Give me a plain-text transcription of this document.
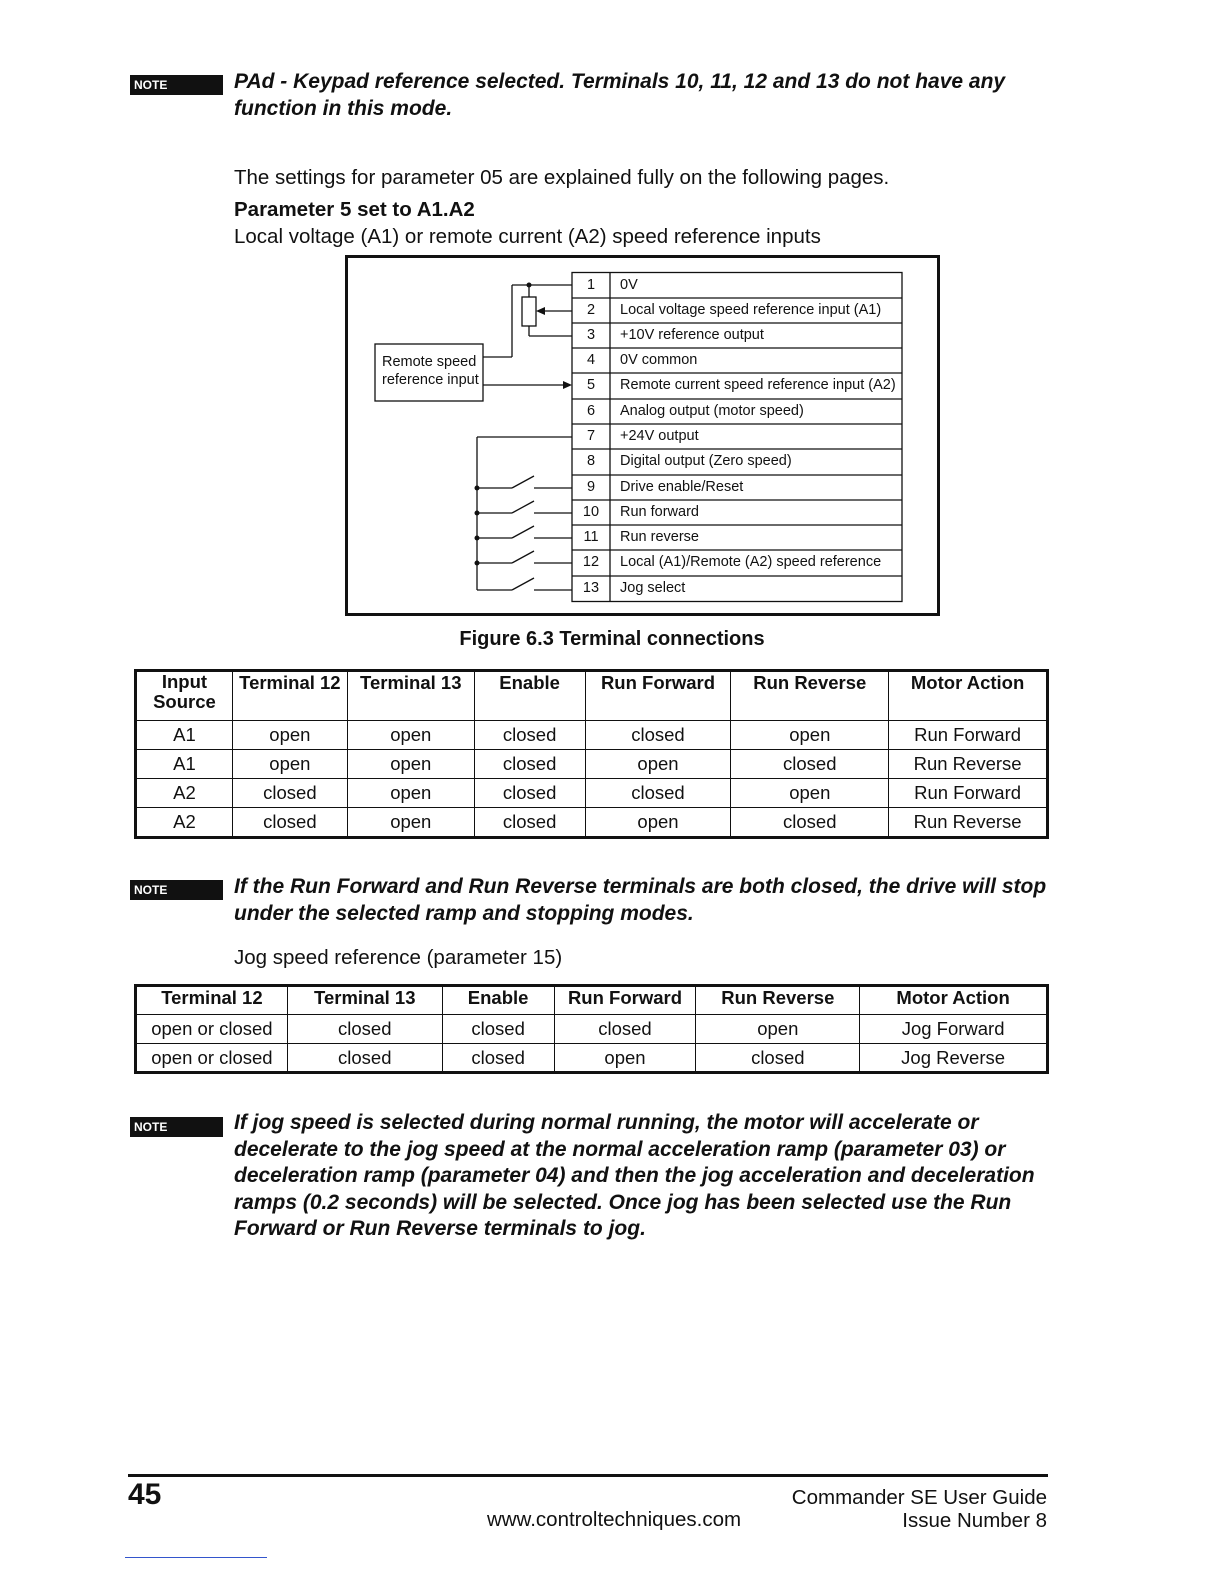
NOTE	PAd - Keypad reference selected. Terminals 10, 11, 12 and 13 do not have any
function in this mode.
The settings for parameter 05 are explained fully on the following pages.
Parameter 5 set to A1.A2
Local voltage (A1) or remote current (A2) speed reference inputs
Remote speed
reference input
1	0V
2	Local voltage speed reference input (A1)
3	+10V reference output
4	0V common
5	Remote current speed reference input (A2)
6	Analog output (motor speed)
7	+24V output
8	Digital output (Zero speed)
9	Drive enable/Reset
10	Run forward
11	Run reverse
12	Local (A1)/Remote (A2) speed reference
13	Jog select
Figure 6.3 Terminal connections
Input
Source	Terminal 12	Terminal 13	Enable	Run Forward	Run Reverse	Motor Action
A1	open	open	closed	closed	open	Run Forward
A1	open	open	closed	open	closed	Run Reverse
A2	closed	open	closed	closed	open	Run Forward
A2	closed	open	closed	open	closed	Run Reverse
NOTE	If the Run Forward and Run Reverse terminals are both closed, the drive will stop
under the selected ramp and stopping modes.
Jog speed reference (parameter 15)
Terminal 12	Terminal 13	Enable	Run Forward	Run Reverse	Motor Action
open or closed	closed	closed	closed	open	Jog Forward
open or closed	closed	closed	open	closed	Jog Reverse
NOTE	If jog speed is selected during normal running, the motor will accelerate or
decelerate to the jog speed at the normal acceleration ramp (parameter 03) or
deceleration ramp (parameter 04) and then the jog acceleration and deceleration
ramps (0.2 seconds) will be selected. Once jog has been selected use the Run
Forward or Run Reverse terminals to jog.
45
www.controltechniques.com
Commander SE User Guide
Issue Number 8
